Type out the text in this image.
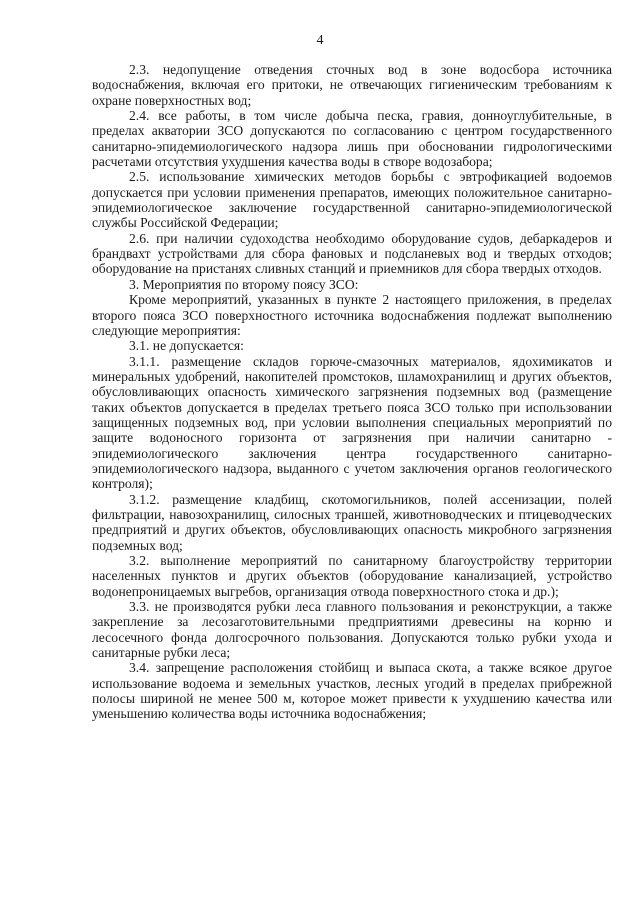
4

2.3. недопущение отведения сточных вод в зоне водосбора источника водоснабжения, включая его притоки, не отвечающих гигиеническим требованиям к охране поверхностных вод;

2.4. все работы, в том числе добыча песка, гравия, донноуглубительные, в пределах акватории ЗСО допускаются по согласованию с центром государственного санитарно-эпидемиологического надзора лишь при обосновании гидрологическими расчетами отсутствия ухудшения качества воды в створе водозабора;

2.5. использование химических методов борьбы с эвтрофикацией водоемов допускается при условии применения препаратов, имеющих положительное санитарно-эпидемиологическое заключение государственной санитарно-эпидемиологической службы Российской Федерации;

2.6. при наличии судоходства необходимо оборудование судов, дебаркадеров и брандвахт устройствами для сбора фановых и подсланевых вод и твердых отходов; оборудование на пристанях сливных станций и приемников для сбора твердых отходов.

3. Мероприятия по второму поясу ЗСО:

Кроме мероприятий, указанных в пункте 2 настоящего приложения, в пределах второго пояса ЗСО поверхностного источника водоснабжения подлежат выполнению следующие мероприятия:

3.1. не допускается:

3.1.1. размещение складов горюче-смазочных материалов, ядохимикатов и минеральных удобрений, накопителей промстоков, шламохранилищ и других объектов, обусловливающих опасность химического загрязнения подземных вод (размещение таких объектов допускается в пределах третьего пояса ЗСО только при использовании защищенных подземных вод, при условии выполнения специальных мероприятий по защите водоносного горизонта от загрязнения при наличии санитарно - эпидемиологического заключения центра государственного санитарно-эпидемиологического надзора, выданного с учетом заключения органов геологического контроля);

3.1.2. размещение кладбищ, скотомогильников, полей ассенизации, полей фильтрации, навозохранилищ, силосных траншей, животноводческих и птицеводческих предприятий и других объектов, обусловливающих опасность микробного загрязнения подземных вод;

3.2. выполнение мероприятий по санитарному благоустройству территории населенных пунктов и других объектов (оборудование канализацией, устройство водонепроницаемых выгребов, организация отвода поверхностного стока и др.);

3.3. не производятся рубки леса главного пользования и реконструкции, а также закрепление за лесозаготовительными предприятиями древесины на корню и лесосечного фонда долгосрочного пользования. Допускаются только рубки ухода и санитарные рубки леса;

3.4. запрещение расположения стойбищ и выпаса скота, а также всякое другое использование водоема и земельных участков, лесных угодий в пределах прибрежной полосы шириной не менее 500 м, которое может привести к ухудшению качества или уменьшению количества воды источника водоснабжения;
